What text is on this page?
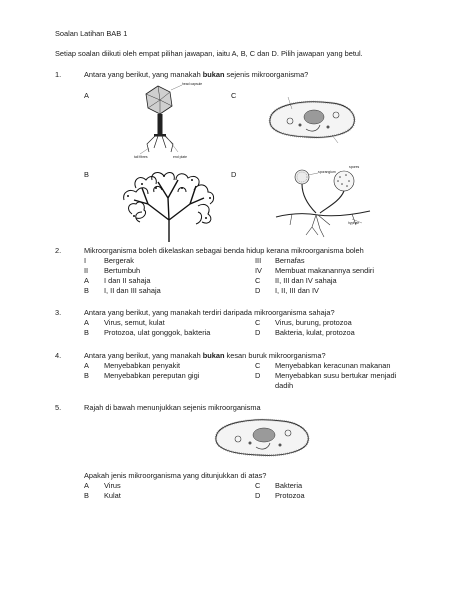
Soalan Latihan BAB 1
Setiap soalan diikuti oleh empat pilihan jawapan, iaitu A, B, C dan D. Pilih jawapan yang betul.
1.	Antara yang berikut, yang manakah bukan sejenis mikroorganisma?
A	C
B	D
head capsule
tail fibres	end plate
sporangium
hyphae
spores
2.	Mikroorganisma boleh dikelaskan sebagai benda hidup kerana mikroorganisma boleh
I Bergerak	III Bernafas
II Bertumbuh	IV Membuat makanannya sendiri
A I dan II sahaja	C II, III dan IV sahaja
B I, II dan III sahaja	D I, II, III dan IV
3.	Antara yang berikut, yang manakah terdiri daripada mikroorganisma sahaja?
A Virus, semut, kulat	C Virus, burung, protozoa
B Protozoa, ulat gonggok, bakteria	D Bakteria, kulat, protozoa
4.	Antara yang berikut, yang manakah bukan kesan buruk mikroorganisma?
A Menyebabkan penyakit	C Menyebabkan keracunan makanan
B Menyebabkan pereputan gigi	D Menyebabkan susu bertukar menjadi
dadih
5.	Rajah di bawah menunjukkan sejenis mikroorganisma
Apakah jenis mikroorganisma yang ditunjukkan di atas?
A Virus	C Bakteria
B Kulat	D Protozoa
